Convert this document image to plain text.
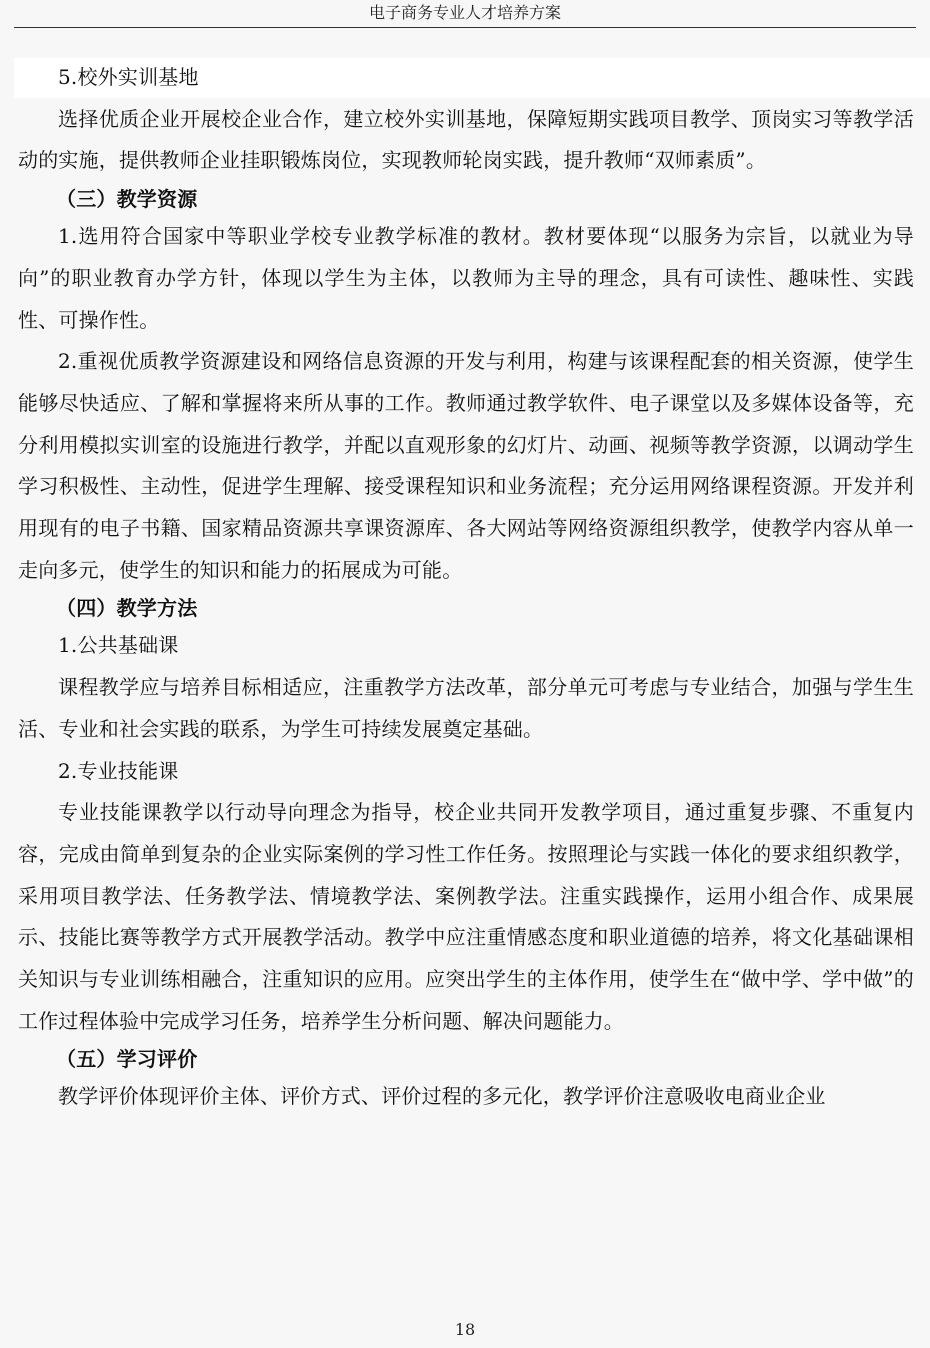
电子商务专业人才培养方案

5.校外实训基地

选择优质企业开展校企业合作，建立校外实训基地，保障短期实践项目教学、顶岗实习等教学活动的实施，提供教师企业挂职锻炼岗位，实现教师轮岗实践，提升教师“双师素质”。

（三）教学资源

1.选用符合国家中等职业学校专业教学标准的教材。教材要体现“以服务为宗旨，以就业为导向”的职业教育办学方针，体现以学生为主体，以教师为主导的理念，具有可读性、趣味性、实践性、可操作性。

2.重视优质教学资源建设和网络信息资源的开发与利用，构建与该课程配套的相关资源，使学生能够尽快适应、了解和掌握将来所从事的工作。教师通过教学软件、电子课堂以及多媒体设备等，充分利用模拟实训室的设施进行教学，并配以直观形象的幻灯片、动画、视频等教学资源，以调动学生学习积极性、主动性，促进学生理解、接受课程知识和业务流程；充分运用网络课程资源。开发并利用现有的电子书籍、国家精品资源共享课资源库、各大网站等网络资源组织教学，使教学内容从单一走向多元，使学生的知识和能力的拓展成为可能。

（四）教学方法

1.公共基础课

课程教学应与培养目标相适应，注重教学方法改革，部分单元可考虑与专业结合，加强与学生生活、专业和社会实践的联系，为学生可持续发展奠定基础。

2.专业技能课

专业技能课教学以行动导向理念为指导，校企业共同开发教学项目，通过重复步骤、不重复内容，完成由简单到复杂的企业实际案例的学习性工作任务。按照理论与实践一体化的要求组织教学，采用项目教学法、任务教学法、情境教学法、案例教学法。注重实践操作，运用小组合作、成果展示、技能比赛等教学方式开展教学活动。教学中应注重情感态度和职业道德的培养，将文化基础课相关知识与专业训练相融合，注重知识的应用。应突出学生的主体作用，使学生在“做中学、学中做”的工作过程体验中完成学习任务，培养学生分析问题、解决问题能力。

（五）学习评价

教学评价体现评价主体、评价方式、评价过程的多元化，教学评价注意吸收电商业企业

18
